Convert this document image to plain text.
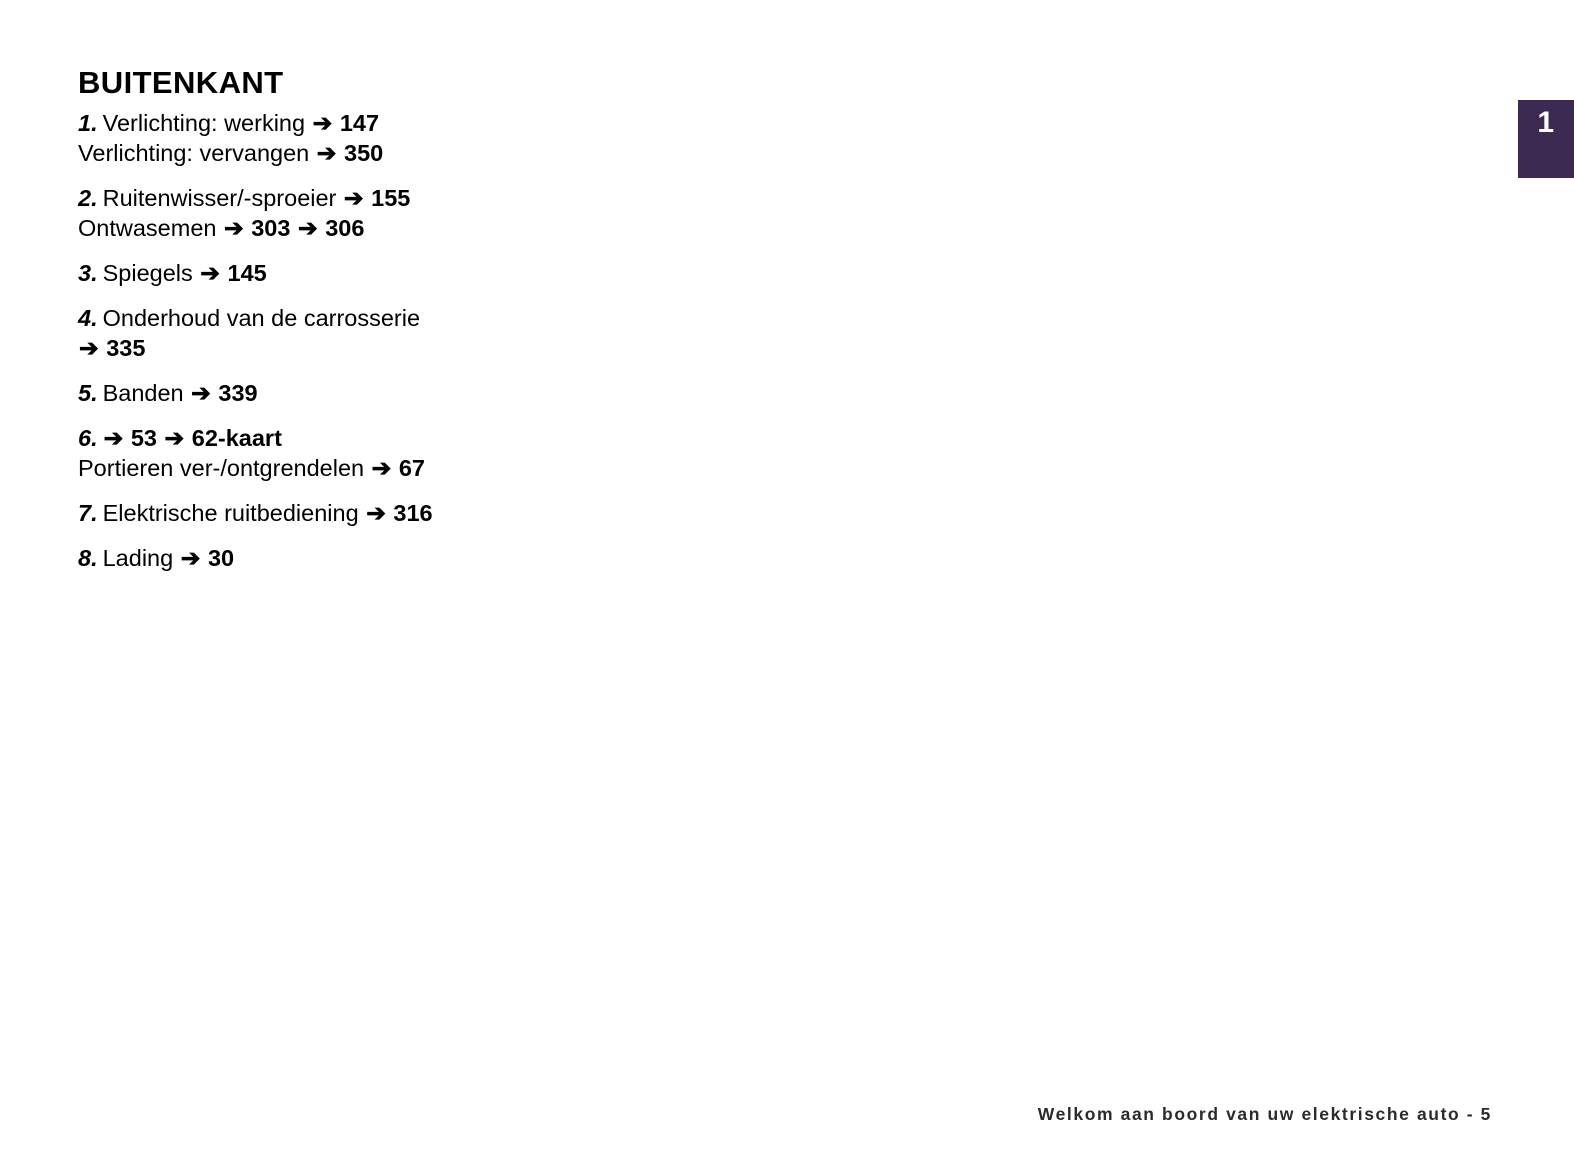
1
BUITENKANT
1. Verlichting: werking ➔ 147
Verlichting: vervangen ➔ 350
2. Ruitenwisser/-sproeier ➔ 155
Ontwasemen ➔ 303 ➔ 306
3. Spiegels ➔ 145
4. Onderhoud van de carrosserie
➔ 335
5. Banden ➔ 339
6. ➔ 53 ➔ 62-kaart
Portieren ver-/ontgrendelen ➔ 67
7. Elektrische ruitbediening ➔ 316
8. Lading ➔ 30
Welkom aan boord van uw elektrische auto - 5
